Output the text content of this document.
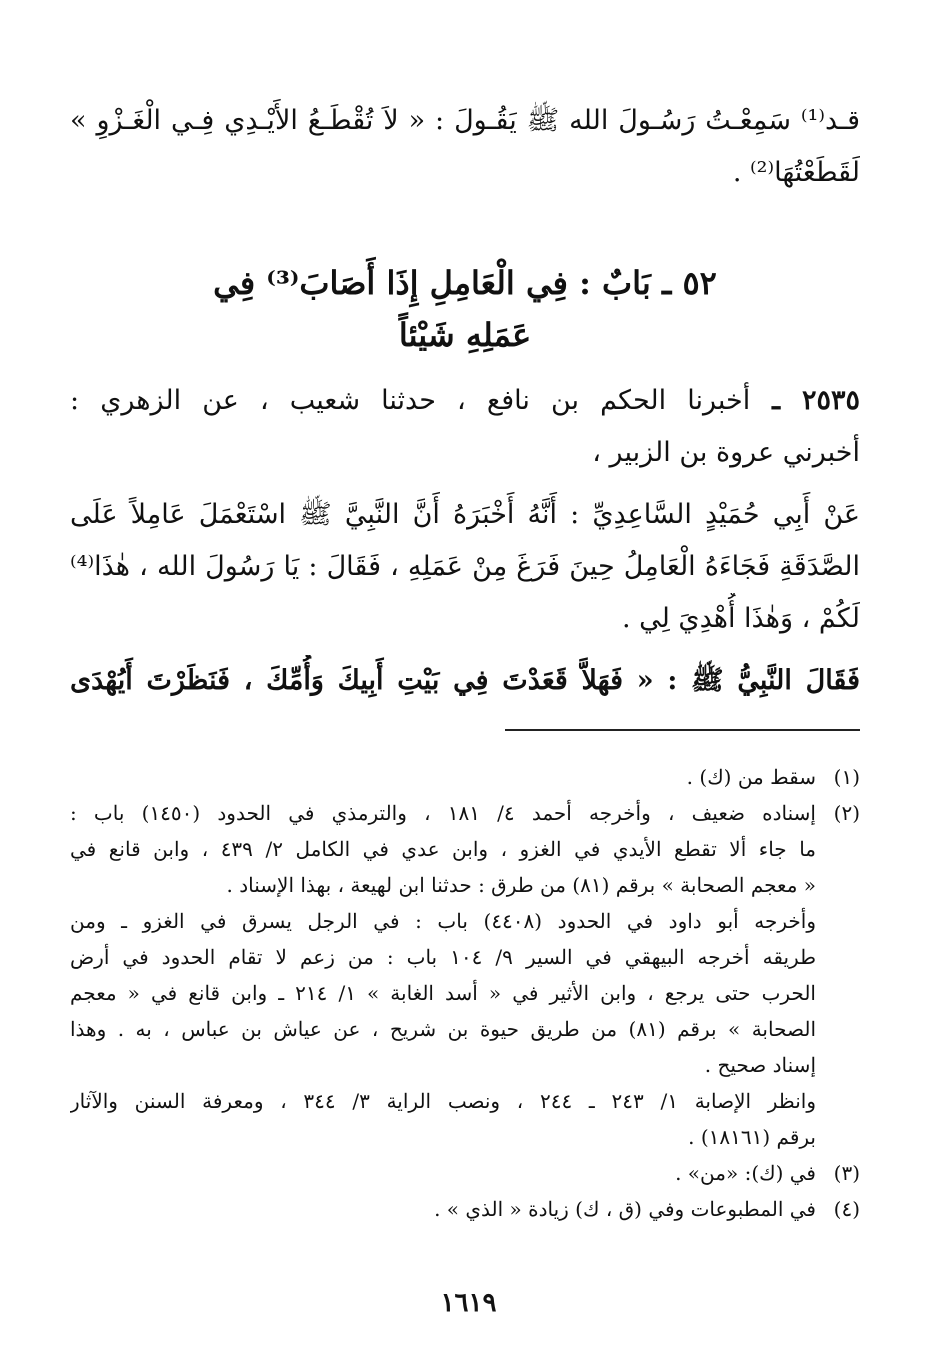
قـد⁽¹⁾ سَمِعْـتُ رَسُـولَ الله ﷺ يَقُـولَ : « لاَ تُقْطَـعُ الأَيْـدِي فِـي الْغَـزْوِ »
لَقَطَعْتُهَا⁽²⁾ .
٥٢ ـ بَابٌ : فِي الْعَامِلِ إِذَا أَصَابَ⁽³⁾ فِي
عَمَلِهِ شَيْئاً
٢٥٣٥ ـ أخبرنا الحكم بن نافع ، حدثنا شعيب ، عن الزهري :
أخبرني عروة بن الزبير ،
عَنْ أَبِي حُمَيْدٍ السَّاعِدِيِّ : أَنَّهُ أَخْبَرَهُ أَنَّ النَّبِيَّ ﷺ اسْتَعْمَلَ عَامِلاً عَلَى
الصَّدَقَةِ فَجَاءَهُ الْعَامِلُ حِينَ فَرَغَ مِنْ عَمَلِهِ ، فَقَالَ : يَا رَسُولَ الله ، هٰذَا⁽⁴⁾
لَكُمْ ، وَهٰذَا أُهْدِيَ لِي .
فَقَالَ النَّبِيُّ ﷺ : « فَهَلاَّ قَعَدْتَ فِي بَيْتِ أَبِيكَ وَأُمِّكَ ، فَنَظَرْتَ أَيُهْدَى
(١)
سقط من (ك) .
(٢)
إسناده ضعيف ، وأخرجه أحمد ٤/ ١٨١ ، والترمذي في الحدود (١٤٥٠) باب :
ما جاء ألا تقطع الأيدي في الغزو ، وابن عدي في الكامل ٢/ ٤٣٩ ، وابن قانع في
« معجم الصحابة » برقم (٨١) من طرق : حدثنا ابن لهيعة ، بهذا الإسناد .
وأخرجه أبو داود في الحدود (٤٤٠٨) باب : في الرجل يسرق في الغزو ـ ومن
طريقه أخرجه البيهقي في السير ٩/ ١٠٤ باب : من زعم لا تقام الحدود في أرض
الحرب حتى يرجع ، وابن الأثير في « أسد الغابة » ١/ ٢١٤ ـ وابن قانع في « معجم
الصحابة » برقم (٨١) من طريق حيوة بن شريح ، عن عياش بن عباس ، به . وهذا
إسناد صحيح .
وانظر الإصابة ١/ ٢٤٣ ـ ٢٤٤ ، ونصب الراية ٣/ ٣٤٤ ، ومعرفة السنن والآثار
برقم (١٨١٦١) .
(٣)
في (ك): «من» .
(٤)
في المطبوعات وفي (ق ، ك) زيادة « الذي » .
١٦١٩
